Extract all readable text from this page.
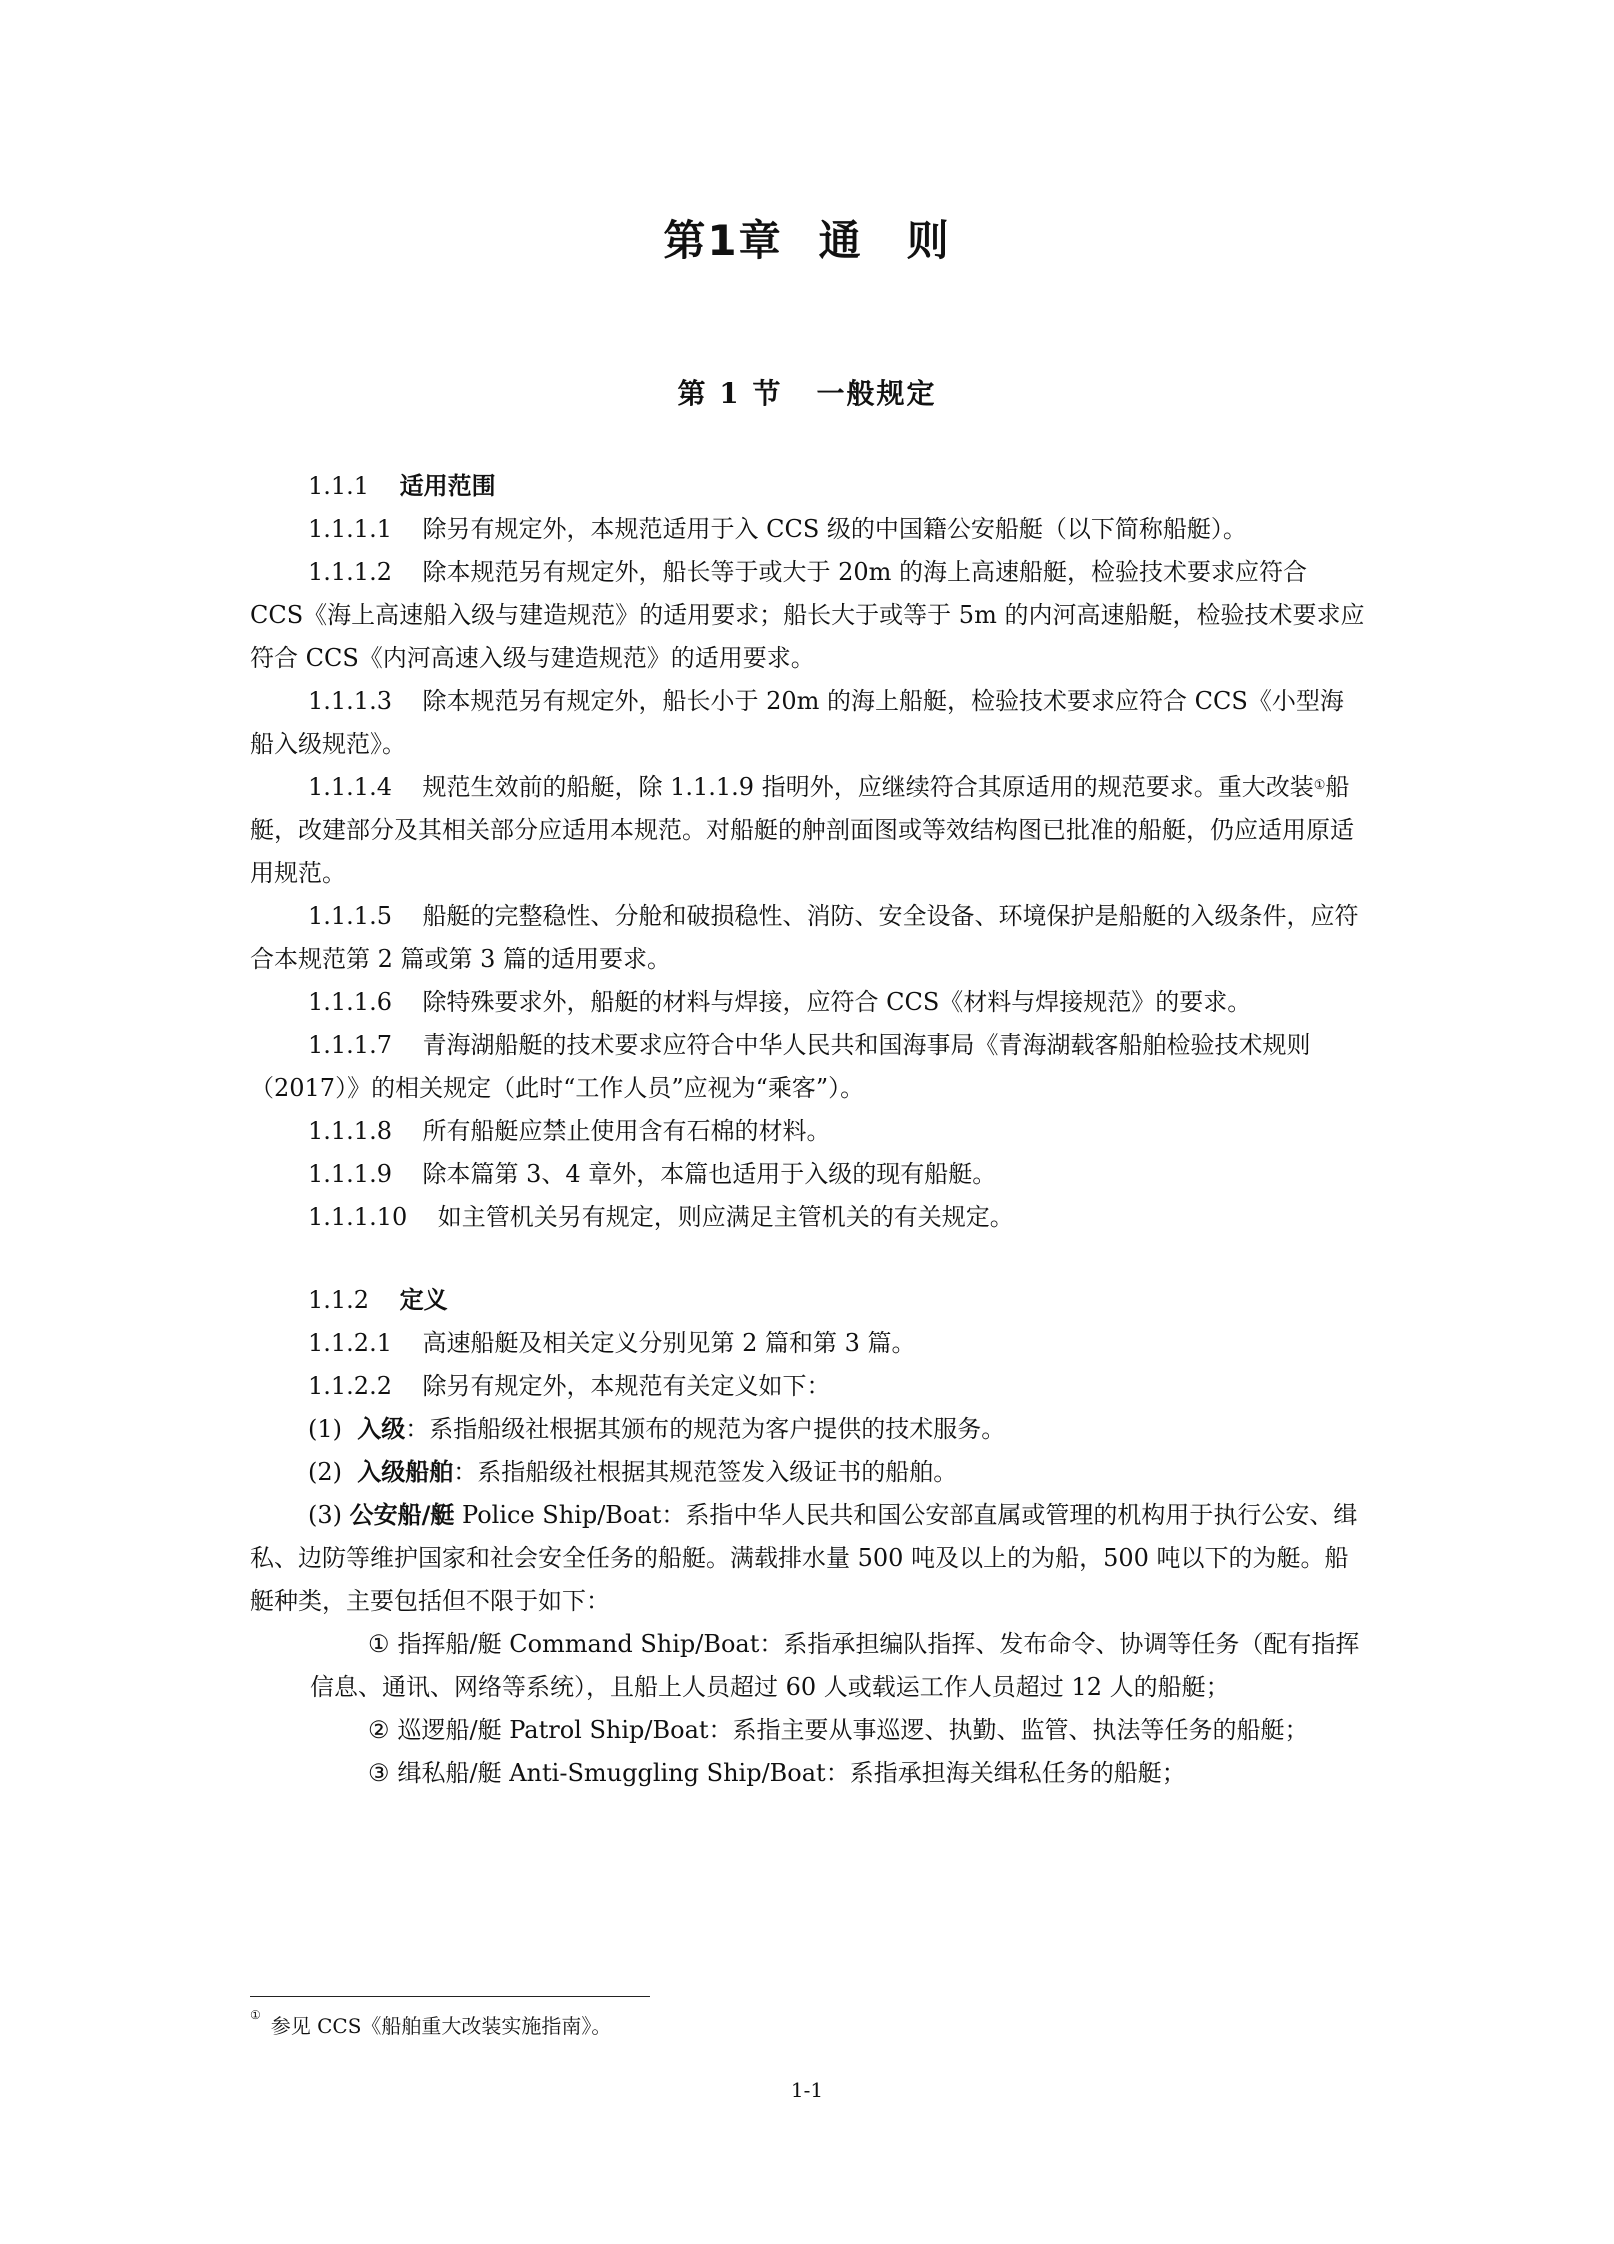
第1章 通　则
第 1 节 一般规定

1.1.1 适用范围

1.1.1.1 除另有规定外，本规范适用于入 CCS 级的中国籍公安船艇（以下简称船艇）。

1.1.1.2 除本规范另有规定外，船长等于或大于 20m 的海上高速船艇，检验技术要求应符合 CCS《海上高速船入级与建造规范》的适用要求；船长大于或等于 5m 的内河高速船艇，检验技术要求应符合 CCS《内河高速入级与建造规范》的适用要求。

1.1.1.3 除本规范另有规定外，船长小于 20m 的海上船艇，检验技术要求应符合 CCS《小型海船入级规范》。

1.1.1.4 规范生效前的船艇，除 1.1.1.9 指明外，应继续符合其原适用的规范要求。重大改装①船艇，改建部分及其相关部分应适用本规范。对船艇的舯剖面图或等效结构图已批准的船艇，仍应适用原适用规范。

1.1.1.5 船艇的完整稳性、分舱和破损稳性、消防、安全设备、环境保护是船艇的入级条件，应符合本规范第 2 篇或第 3 篇的适用要求。

1.1.1.6 除特殊要求外，船艇的材料与焊接，应符合 CCS《材料与焊接规范》的要求。

1.1.1.7 青海湖船艇的技术要求应符合中华人民共和国海事局《青海湖载客船舶检验技术规则（2017）》的相关规定（此时“工作人员”应视为“乘客”）。

1.1.1.8 所有船艇应禁止使用含有石棉的材料。

1.1.1.9 除本篇第 3、4 章外，本篇也适用于入级的现有船艇。

1.1.1.10 如主管机关另有规定，则应满足主管机关的有关规定。

1.1.2 定义

1.1.2.1 高速船艇及相关定义分别见第 2 篇和第 3 篇。

1.1.2.2 除另有规定外，本规范有关定义如下：

(1) 入级：系指船级社根据其颁布的规范为客户提供的技术服务。

(2) 入级船舶：系指船级社根据其规范签发入级证书的船舶。

(3) 公安船/艇 Police Ship/Boat：系指中华人民共和国公安部直属或管理的机构用于执行公安、缉私、边防等维护国家和社会安全任务的船艇。满载排水量 500 吨及以上的为船，500 吨以下的为艇。船艇种类，主要包括但不限于如下：

① 指挥船/艇 Command Ship/Boat：系指承担编队指挥、发布命令、协调等任务（配有指挥信息、通讯、网络等系统），且船上人员超过 60 人或载运工作人员超过 12 人的船艇；

② 巡逻船/艇 Patrol Ship/Boat：系指主要从事巡逻、执勤、监管、执法等任务的船艇；

③ 缉私船/艇 Anti-Smuggling Ship/Boat：系指承担海关缉私任务的船艇；

① 参见 CCS《船舶重大改装实施指南》。

1-1
